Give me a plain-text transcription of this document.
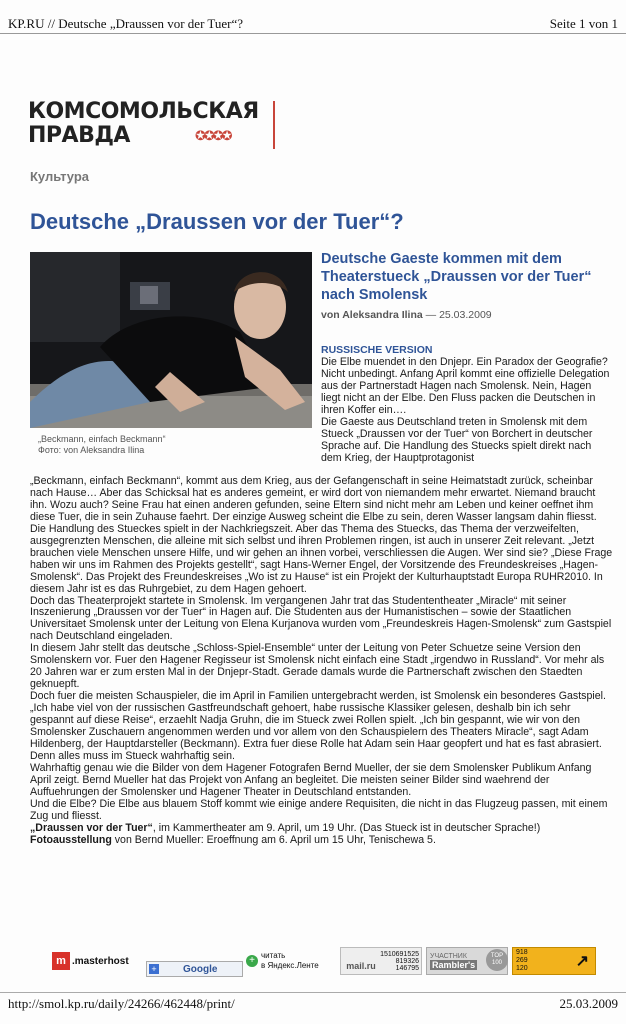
KP.RU // Deutsche „Draussen vor der Tuer“?	Seite 1 von 1
КОМСОМОЛЬСКАЯ
ПРАВДА	✪✪✪✪
Культура
Deutsche „Draussen vor der Tuer“?
„Beckmann, einfach Beckmann“
Фото: von Aleksandra Ilina
Deutsche Gaeste kommen mit dem Theaterstueck „Draussen vor der Tuer“ nach Smolensk
von Aleksandra Ilina — 25.03.2009
RUSSISCHE VERSION

Die Elbe muendet in den Dnjepr. Ein Paradox der Geografie? Nicht unbedingt. Anfang April kommt eine offizielle Delegation aus der Partnerstadt Hagen nach Smolensk. Nein, Hagen liegt nicht an der Elbe. Den Fluss packen die Deutschen in ihren Koffer ein….

Die Gaeste aus Deutschland treten in Smolensk mit dem Stueck „Draussen vor der Tuer“ von Borchert in deutscher Sprache auf. Die Handlung des Stuecks spielt direkt nach dem Krieg, der Hauptprotagonist

„Beckmann, einfach Beckmann“, kommt aus dem Krieg, aus der Gefangenschaft in seine Heimatstadt zurück, scheinbar nach Hause… Aber das Schicksal hat es anderes gemeint, er wird dort von niemandem mehr erwartet. Niemand braucht ihn. Wozu auch? Seine Frau hat einen anderen gefunden, seine Eltern sind nicht mehr am Leben und keiner oeffnet ihm diese Tuer, die in sein Zuhause faehrt. Der einzige Ausweg scheint die Elbe zu sein, deren Wasser langsam dahin fliesst.

Die Handlung des Stueckes spielt in der Nachkriegszeit. Aber das Thema des Stuecks, das Thema der verzweifelten, ausgegrenzten Menschen, die alleine mit sich selbst und ihren Problemen ringen, ist auch in unserer Zeit relevant. „Jetzt brauchen viele Menschen unsere Hilfe, und wir gehen an ihnen vorbei, verschliessen die Augen. Wer sind sie? „Diese Frage haben wir uns im Rahmen des Projekts gestellt“, sagt Hans-Werner Engel, der Vorsitzende des Freundeskreises „Hagen-Smolensk“. Das Projekt des Freundeskreises „Wo ist zu Hause“ ist ein Projekt der Kulturhauptstadt Europa RUHR2010. In diesem Jahr ist es das Ruhrgebiet, zu dem Hagen gehoert.

Doch das Theaterprojekt startete in Smolensk. Im vergangenen Jahr trat das Studententheater „Miracle“ mit seiner Inszenierung „Draussen vor der Tuer“ in Hagen auf. Die Studenten aus der Humanistischen – sowie der Staatlichen Universitaet Smolensk unter der Leitung von Elena Kurjanova wurden vom „Freundeskreis Hagen-Smolensk“ zum Gastspiel nach Deutschland eingeladen.

In diesem Jahr stellt das deutsche „Schloss-Spiel-Ensemble“ unter der Leitung von Peter Schuetze seine Version den Smolenskern vor. Fuer den Hagener Regisseur ist Smolensk nicht einfach eine Stadt „irgendwo in Russland“. Vor mehr als 20 Jahren war er zum ersten Mal in der Dnjepr-Stadt. Gerade damals wurde die Partnerschaft zwischen den Staedten geknuepft.

Doch fuer die meisten Schauspieler, die im April in Familien untergebracht werden, ist Smolensk ein besonderes Gastspiel. „Ich habe viel von der russischen Gastfreundschaft gehoert, habe russische Klassiker gelesen, deshalb bin ich sehr gespannt auf diese Reise“, erzaehlt Nadja Gruhn, die im Stueck zwei Rollen spielt. „Ich bin gespannt, wie wir von den Smolensker Zuschauern angenommen werden und vor allem von den Schauspielern des Theaters Miracle“, sagt Adam Hildenberg, der Hauptdarsteller (Beckmann). Extra fuer diese Rolle hat Adam sein Haar geopfert und hat es fast abrasiert. Denn alles muss im Stueck wahrhaftig sein.

Wahrhaftig genau wie die Bilder von dem Hagener Fotografen Bernd Mueller, der sie dem Smolensker Publikum Anfang April zeigt. Bernd Mueller hat das Projekt von Anfang an begleitet. Die meisten seiner Bilder sind waehrend der Auffuehrungen der Smolensker und Hagener Theater in Deutschland entstanden.

Und die Elbe? Die Elbe aus blauem Stoff kommt wie einige andere Requisiten, die nicht in das Flugzeug passen, mit einem Zug und fliesst.

„Draussen vor der Tuer“, im Kammertheater am 9. April, um 19 Uhr. (Das Stueck ist in deutscher Sprache!)

Fotoausstellung von Bernd Mueller: Eroeffnung am 6. April um 15 Uhr, Tenischewa 5.

m .masterhost
+	Google
+ читать
в Яндекс.Ленте
1510691525
819326
146795
mail.ru
УЧАСТНИК
Rambler's
TOP 100
918
269
120	↗
http://smol.kp.ru/daily/24266/462448/print/	25.03.2009
